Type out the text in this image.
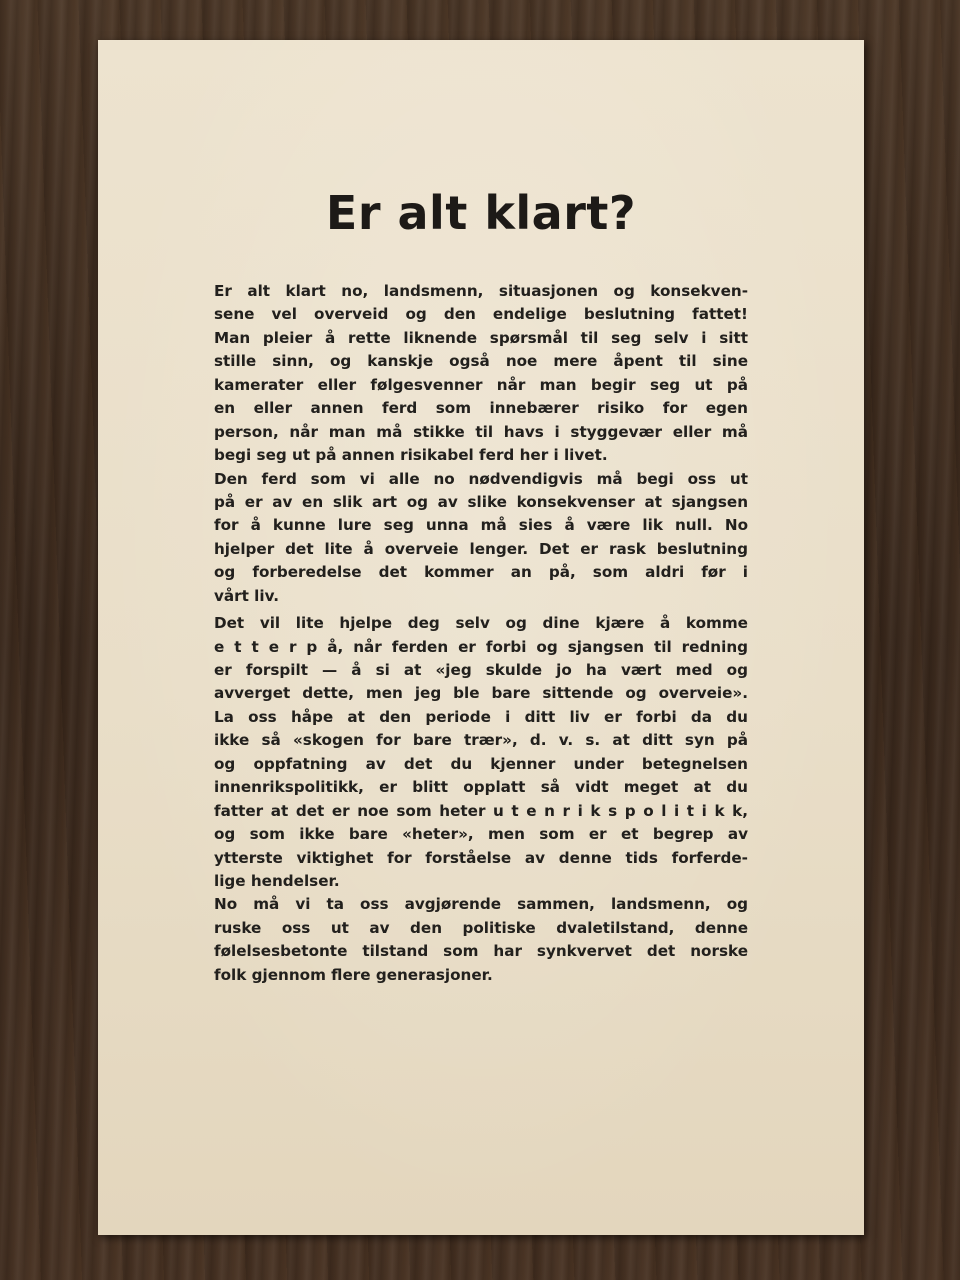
Er alt klart?
Er alt klart no, landsmenn, situasjonen og konsekven-
sene vel overveid og den endelige beslutning fattet!
Man pleier å rette liknende spørsmål til seg selv i sitt
stille sinn, og kanskje også noe mere åpent til sine
kamerater eller følgesvenner når man begir seg ut på
en eller annen ferd som innebærer risiko for egen
person, når man må stikke til havs i styggevær eller må
begi seg ut på annen risikabel ferd her i livet.
Den ferd som vi alle no nødvendigvis må begi oss ut
på er av en slik art og av slike konsekvenser at sjangsen
for å kunne lure seg unna må sies å være lik null. No
hjelper det lite å overveie lenger. Det er rask beslutning
og forberedelse det kommer an på, som aldri før i
vårt liv.
Det vil lite hjelpe deg selv og dine kjære å komme
e t t e r p å, når ferden er forbi og sjangsen til redning
er forspilt — å si at «jeg skulde jo ha vært med og
avverget dette, men jeg ble bare sittende og overveie».
La oss håpe at den periode i ditt liv er forbi da du
ikke så «skogen for bare trær», d. v. s. at ditt syn på
og oppfatning av det du kjenner under betegnelsen
innenrikspolitikk, er blitt opplatt så vidt meget at du
fatter at det er noe som heter u t e n r i k s p o l i t i k k,
og som ikke bare «heter», men som er et begrep av
ytterste viktighet for forståelse av denne tids forferde-
lige hendelser.
No må vi ta oss avgjørende sammen, landsmenn, og
ruske oss ut av den politiske dvaletilstand, denne
følelsesbetonte tilstand som har synkvervet det norske
folk gjennom flere generasjoner.
